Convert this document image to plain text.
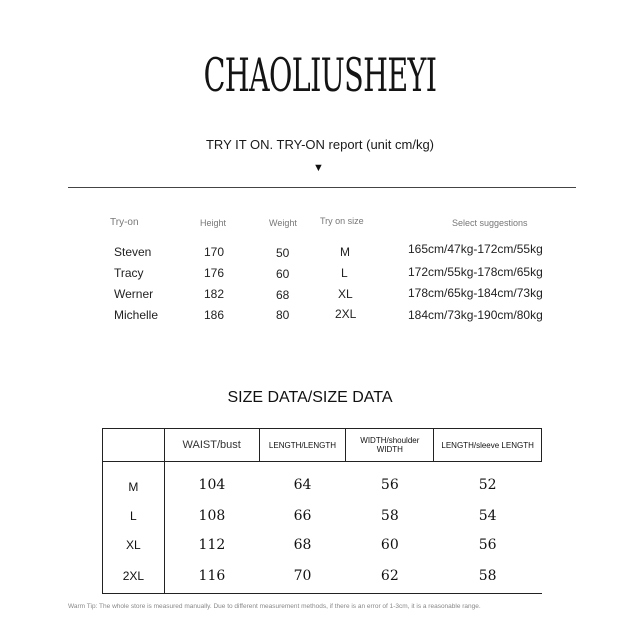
CHAOLIUSHEYI
TRY IT ON. TRY-ON report (unit cm/kg)
▼
Try-on	Height	Weight	Try on size	Select suggestions
Steven	170	50	M	165cm/47kg-172cm/55kg
Tracy	176	60	L	172cm/55kg-178cm/65kg
Werner	182	68	XL	178cm/65kg-184cm/73kg
Michelle	186	80	2XL	184cm/73kg-190cm/80kg
SIZE DATA/SIZE DATA
	WAIST/bust	LENGTH/LENGTH	WIDTH/shoulder WIDTH	LENGTH/sleeve LENGTH
M	104	64	56	52
L	108	66	58	54
XL	112	68	60	56
2XL	116	70	62	58
Warm Tip: The whole store is measured manually. Due to different measurement methods, if there is an error of 1-3cm, it is a reasonable range.
